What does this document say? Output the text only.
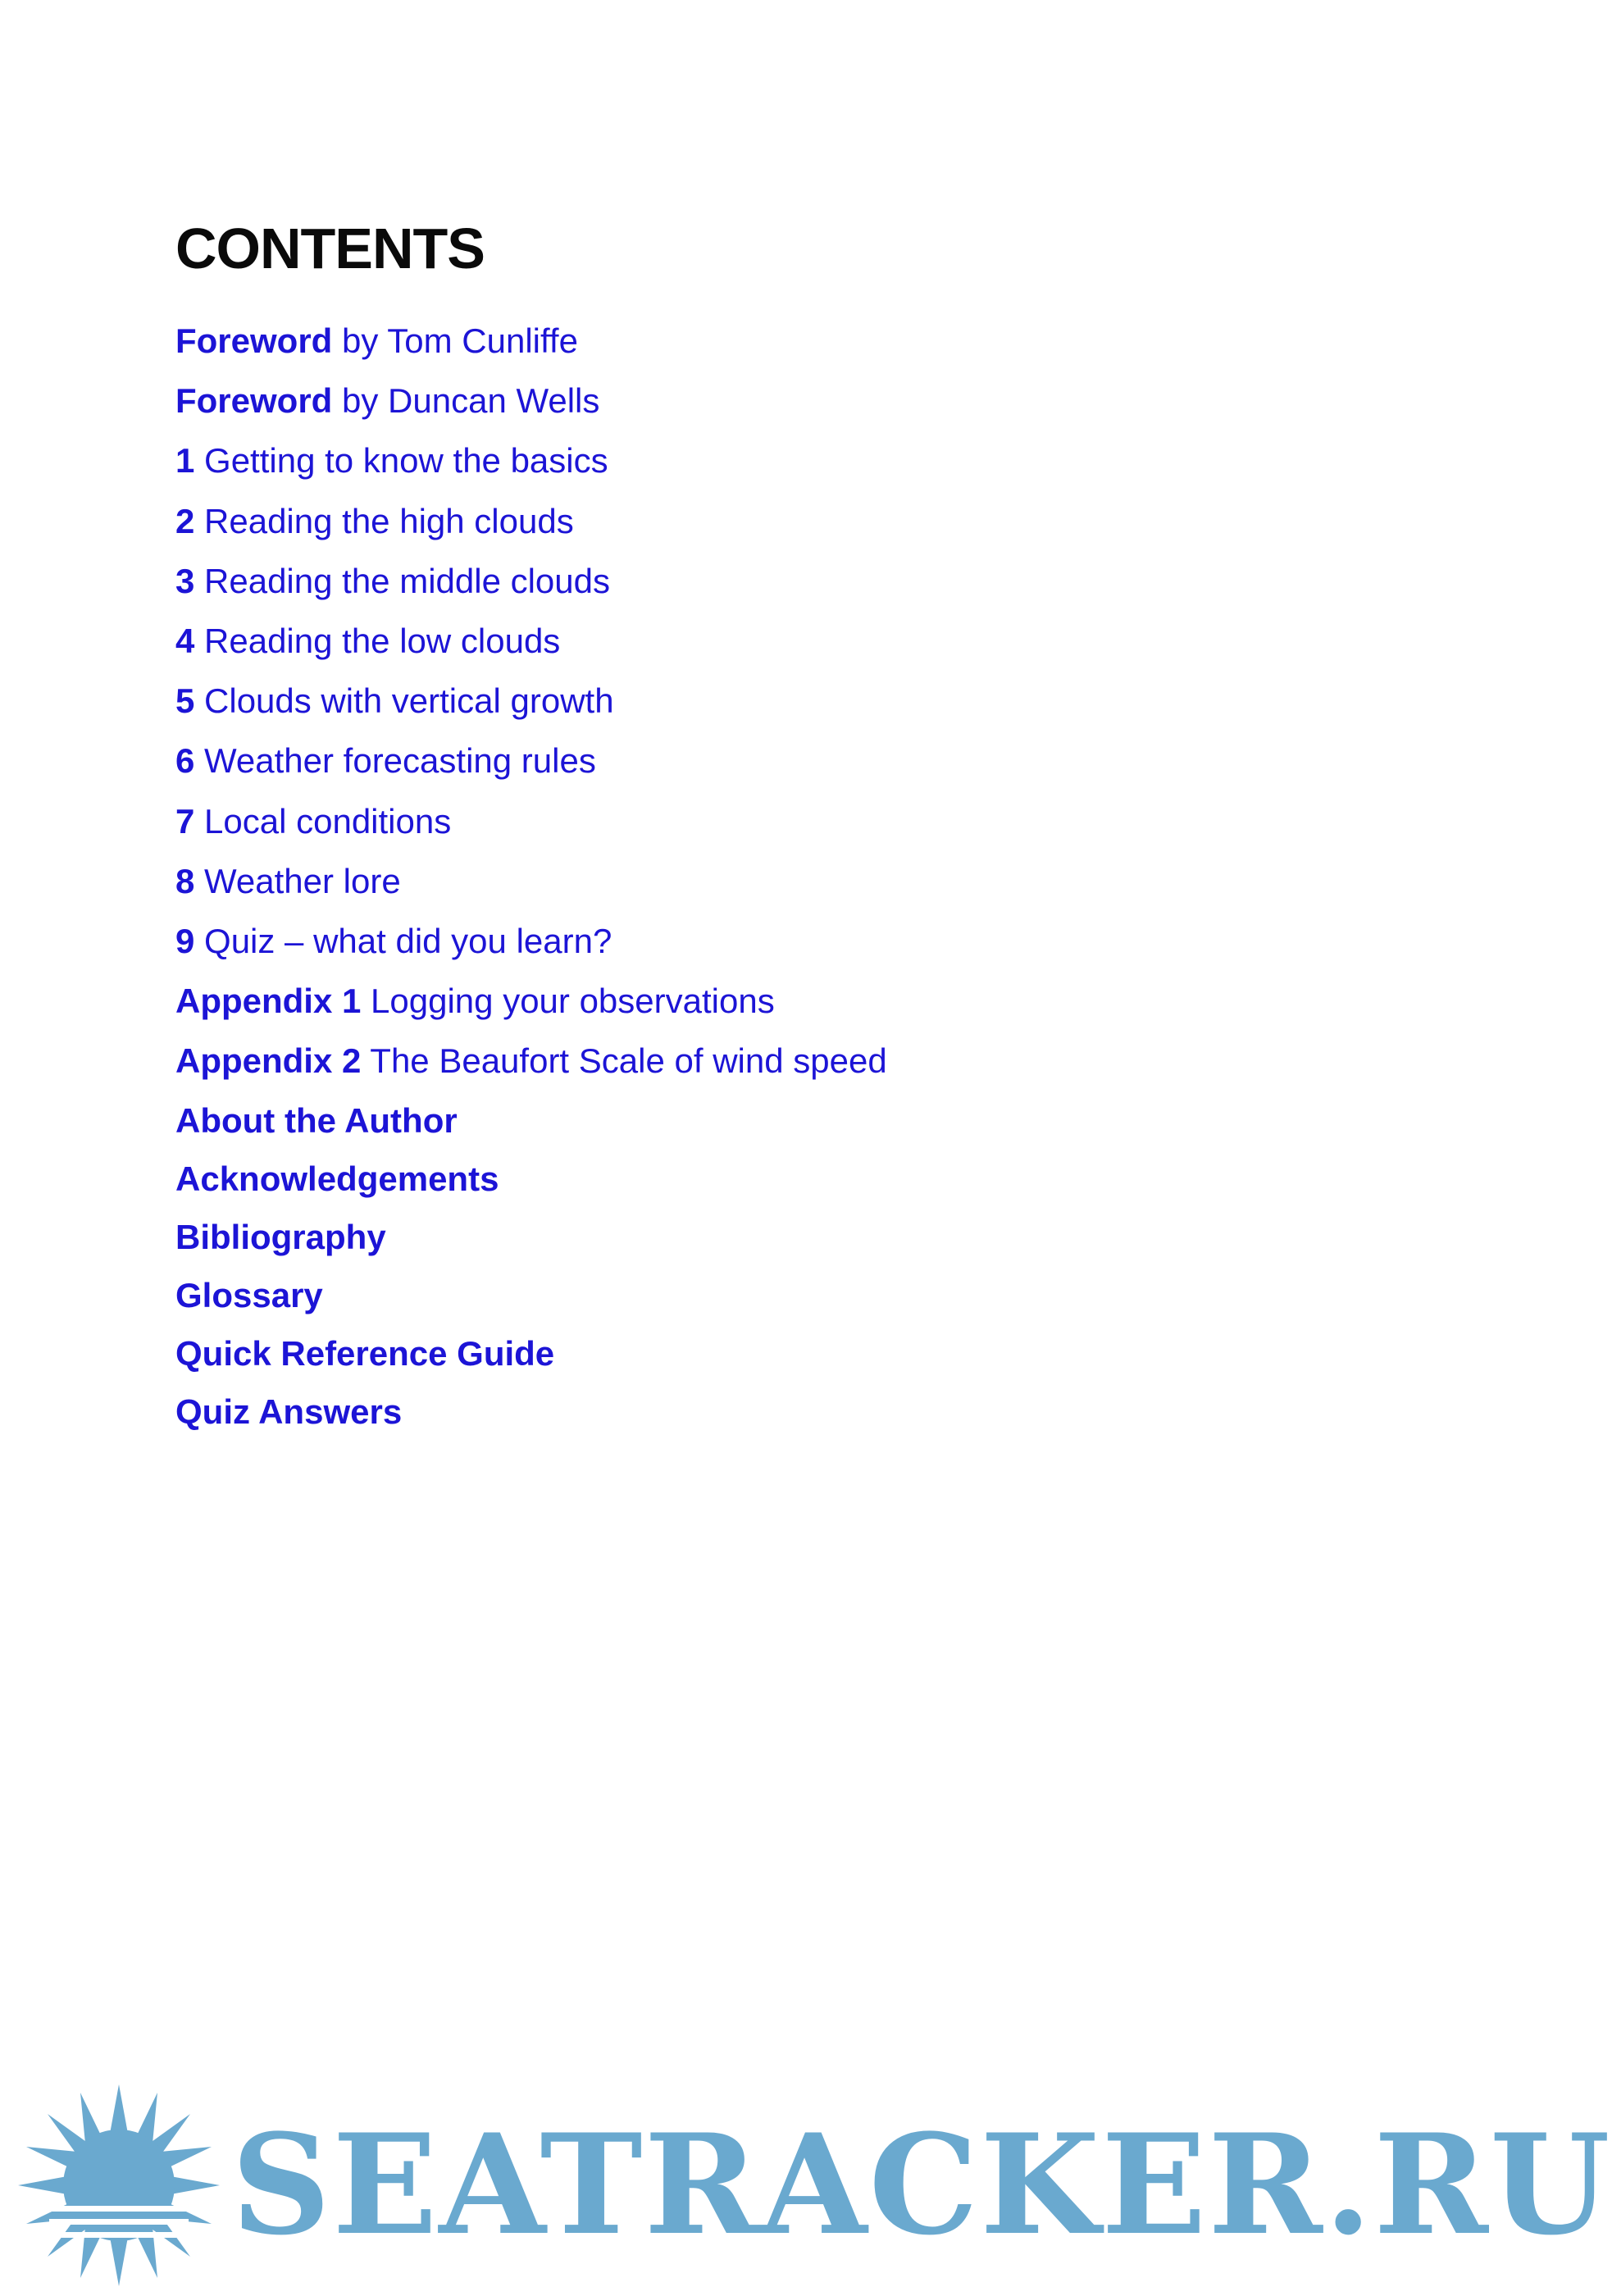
CONTENTS
Foreword by Tom Cunliffe
Foreword by Duncan Wells
1 Getting to know the basics
2 Reading the high clouds
3 Reading the middle clouds
4 Reading the low clouds
5 Clouds with vertical growth
6 Weather forecasting rules
7 Local conditions
8 Weather lore
9 Quiz – what did you learn?
Appendix 1 Logging your observations
Appendix 2 The Beaufort Scale of wind speed
About the Author
Acknowledgements
Bibliography
Glossary
Quick Reference Guide
Quiz Answers
SEATRACKER.RU
